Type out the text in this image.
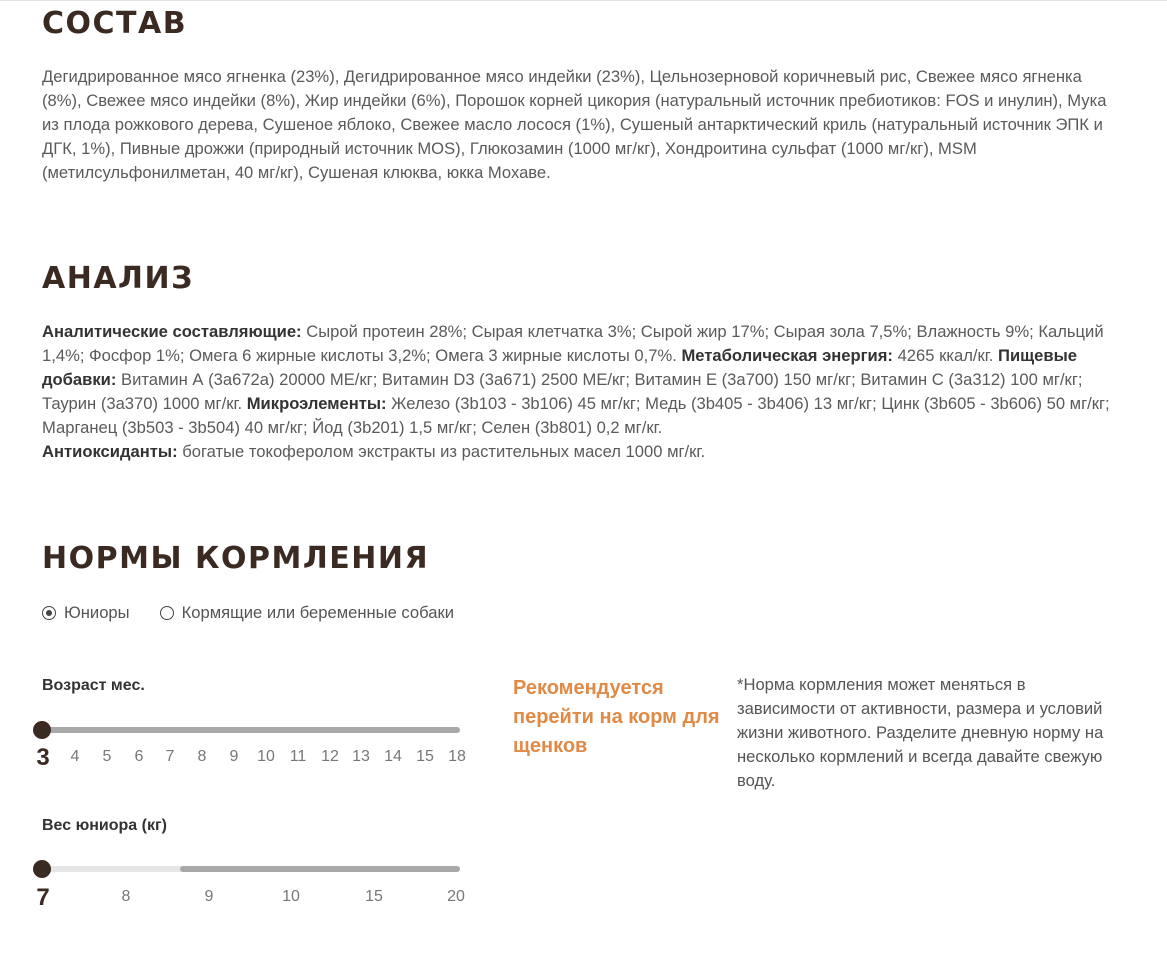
СОСТАВ
Дегидрированное мясо ягненка (23%), Дегидрированное мясо индейки (23%), Цельнозерновой коричневый рис, Свежее мясо ягненка (8%), Свежее мясо индейки (8%), Жир индейки (6%), Порошок корней цикория (натуральный источник пребиотиков: FOS и инулин), Мука из плода рожкового дерева, Сушеное яблоко, Свежее масло лосося (1%), Сушеный антарктический криль (натуральный источник ЭПК и ДГК, 1%), Пивные дрожжи (природный источник MOS), Глюкозамин (1000 мг/кг), Хондроитина сульфат (1000 мг/кг), MSM (метилсульфонилметан, 40 мг/кг), Сушеная клюква, юкка Мохаве.
АНАЛИЗ
Аналитические составляющие: Сырой протеин 28%; Сырая клетчатка 3%; Сырой жир 17%; Сырая зола 7,5%; Влажность 9%; Кальций 1,4%; Фосфор 1%; Омега 6 жирные кислоты 3,2%; Омега 3 жирные кислоты 0,7%. Метаболическая энергия: 4265 ккал/кг. Пищевые добавки: Витамин А (3a672a) 20000 МЕ/кг; Витамин D3 (3a671) 2500 МЕ/кг; Витамин Е (3a700) 150 мг/кг; Витамин С (3a312) 100 мг/кг; Таурин (3a370) 1000 мг/кг. Микроэлементы: Железо (3b103 - 3b106) 45 мг/кг; Медь (3b405 - 3b406) 13 мг/кг; Цинк (3b605 - 3b606) 50 мг/кг; Марганец (3b503 - 3b504) 40 мг/кг; Йод (3b201) 1,5 мг/кг; Селен (3b801) 0,2 мг/кг.
Антиоксиданты: богатые токоферолом экстракты из растительных масел 1000 мг/кг.
НОРМЫ КОРМЛЕНИЯ
Юниоры	Кормящие или беременные собаки
Возраст мес.
3	4	5	6	7	8	9	10 11 12 13 14 15 18
Вес юниора (кг)
7	8	9	10	15	20
Рекомендуется перейти на корм для щенков
*Норма кормления может меняться в зависимости от активности, размера и условий жизни животного. Разделите дневную норму на несколько кормлений и всегда давайте свежую воду.
